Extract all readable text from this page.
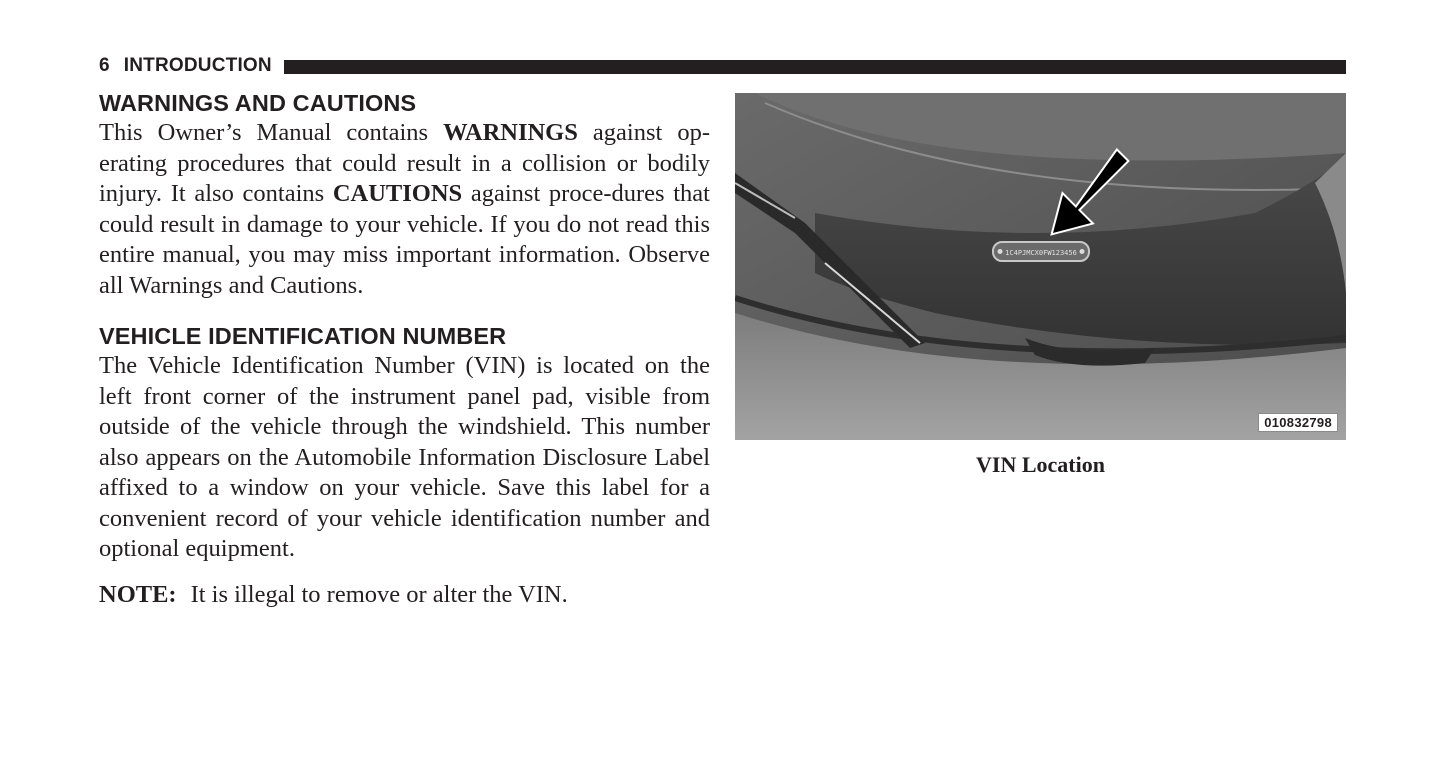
6 INTRODUCTION
WARNINGS AND CAUTIONS

This Owner’s Manual contains WARNINGS against op-erating procedures that could result in a collision or bodily injury. It also contains CAUTIONS against proce-dures that could result in damage to your vehicle. If you do not read this entire manual, you may miss important information. Observe all Warnings and Cautions.

VEHICLE IDENTIFICATION NUMBER

The Vehicle Identification Number (VIN) is located on the left front corner of the instrument panel pad, visible from outside of the vehicle through the windshield. This number also appears on the Automobile Information Disclosure Label affixed to a window on your vehicle. Save this label for a convenient record of your vehicle identification number and optional equipment.

NOTE: It is illegal to remove or alter the VIN.

1C4PJMCX0FW123456
010832798
VIN Location
